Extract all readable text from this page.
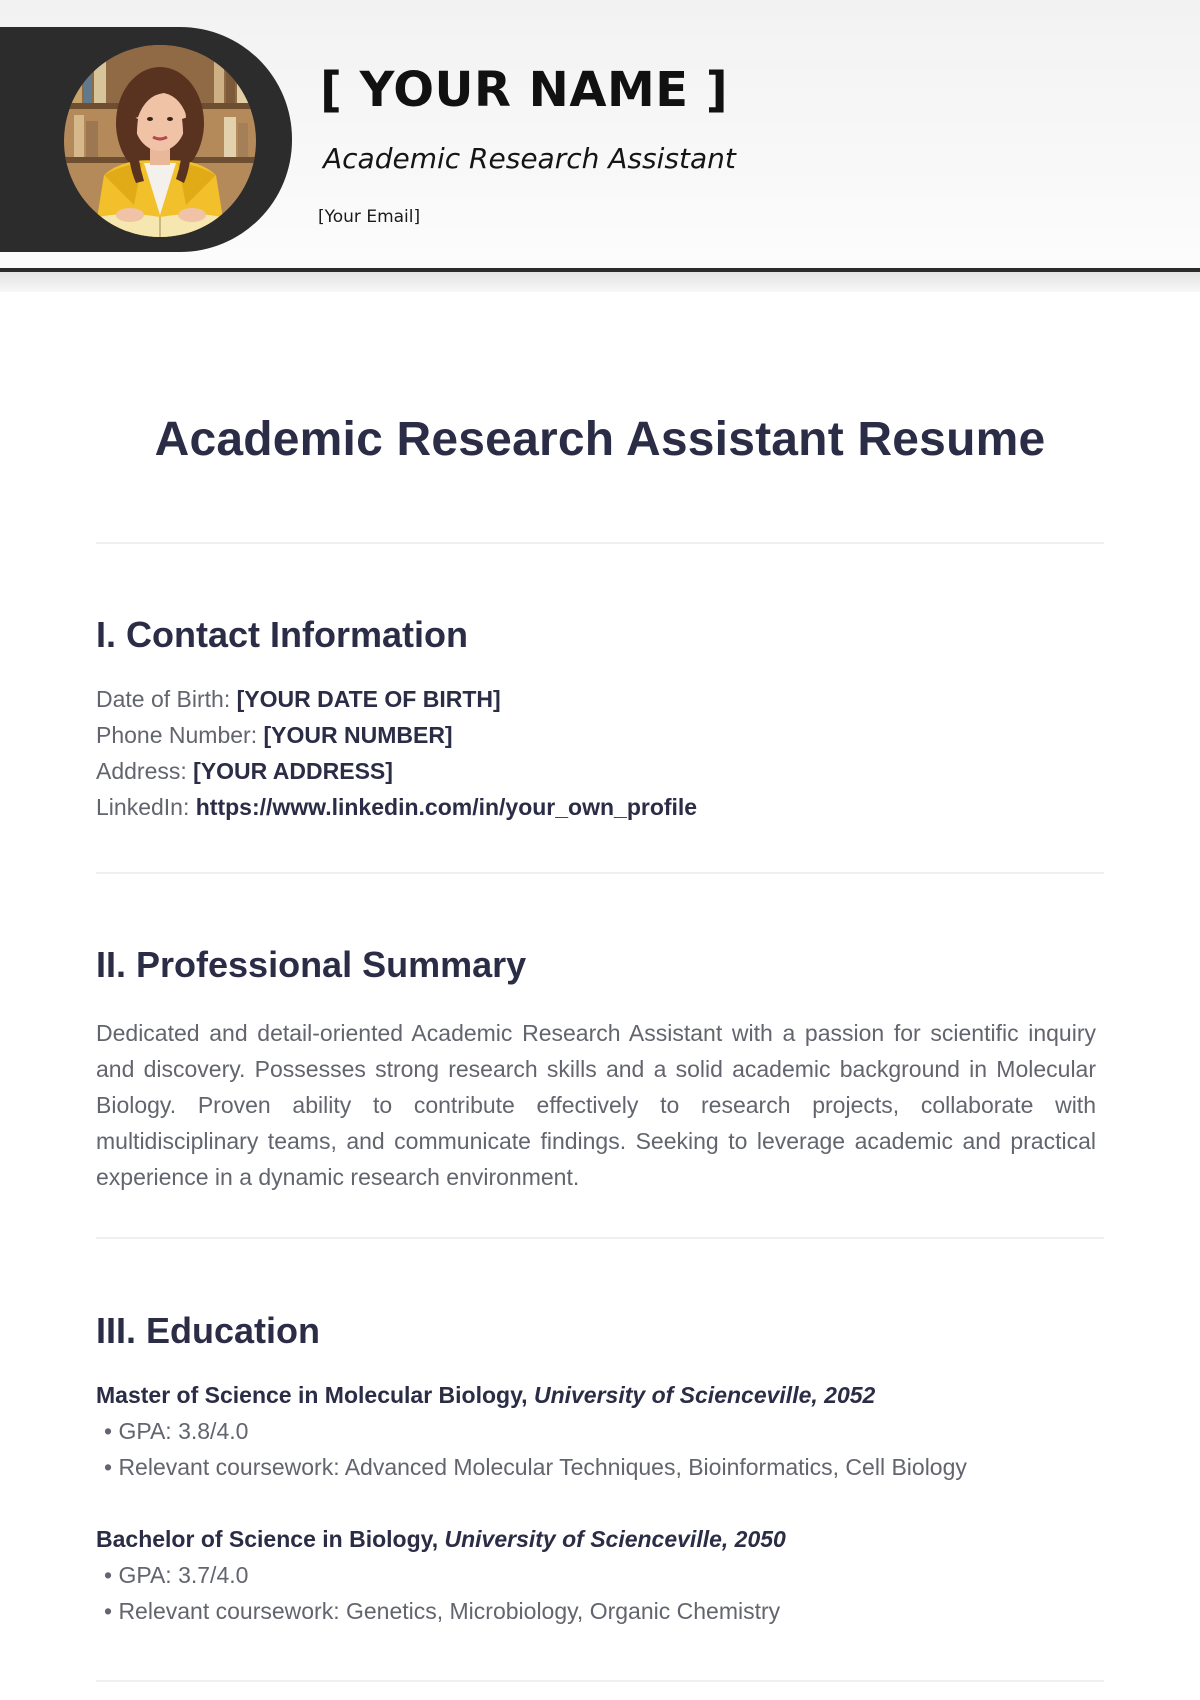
[ YOUR NAME ]

Academic Research Assistant

[Your Email]

Academic Research Assistant Resume
I. Contact Information

Date of Birth: [YOUR DATE OF BIRTH]

Phone Number: [YOUR NUMBER]

Address: [YOUR ADDRESS]

LinkedIn: https://www.linkedin.com/in/your_own_profile

II. Professional Summary

Dedicated and detail-oriented Academic Research Assistant with a passion for scientific inquiry and discovery. Possesses strong research skills and a solid academic background in Molecular Biology. Proven ability to contribute effectively to research projects, collaborate with multidisciplinary teams, and communicate findings. Seeking to leverage academic and practical experience in a dynamic research environment.

III. Education

Master of Science in Molecular Biology, University of Scienceville, 2052

• GPA: 3.8/4.0

• Relevant coursework: Advanced Molecular Techniques, Bioinformatics, Cell Biology

Bachelor of Science in Biology, University of Scienceville, 2050

• GPA: 3.7/4.0

• Relevant coursework: Genetics, Microbiology, Organic Chemistry
